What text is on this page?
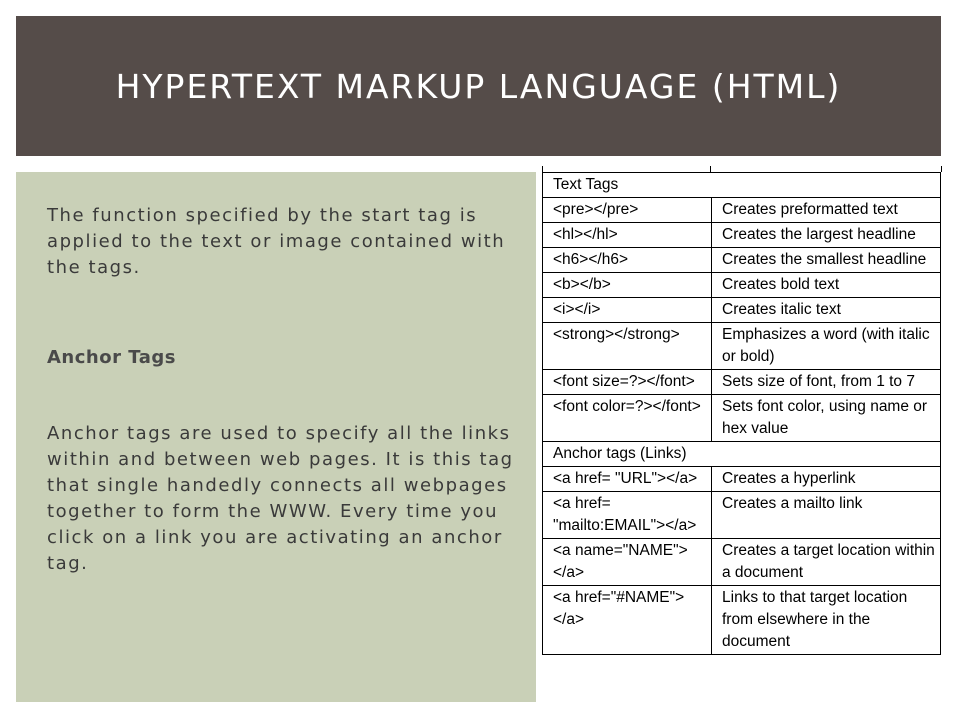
HYPERTEXT MARKUP LANGUAGE (HTML)

The function specified by the start tag is applied to the text or image contained with the tags.

Anchor Tags

Anchor tags are used to specify all the links within and between web pages. It is this tag that single handedly connects all webpages together to form the WWW. Every time you click on a link you are activating an anchor tag.

Text Tags	
<pre></pre>	Creates preformatted text
<hl></hl>	Creates the largest headline
<h6></h6>	Creates the smallest headline
<b></b>	Creates bold text
<i></i>	Creates italic text
<strong></strong>	Emphasizes a word (with italic or bold)
<font size=?></font>	Sets size of font, from 1 to 7
<font color=?></font>	Sets font color, using name or hex value
Anchor tags (Links)	
<a href= "URL"></a>	Creates a hyperlink
<a href= "mailto:EMAIL"></a>	Creates a mailto link
<a name="NAME"></a>	Creates a target location within a document
<a href="#NAME"></a>	Links to that target location from elsewhere in the document
